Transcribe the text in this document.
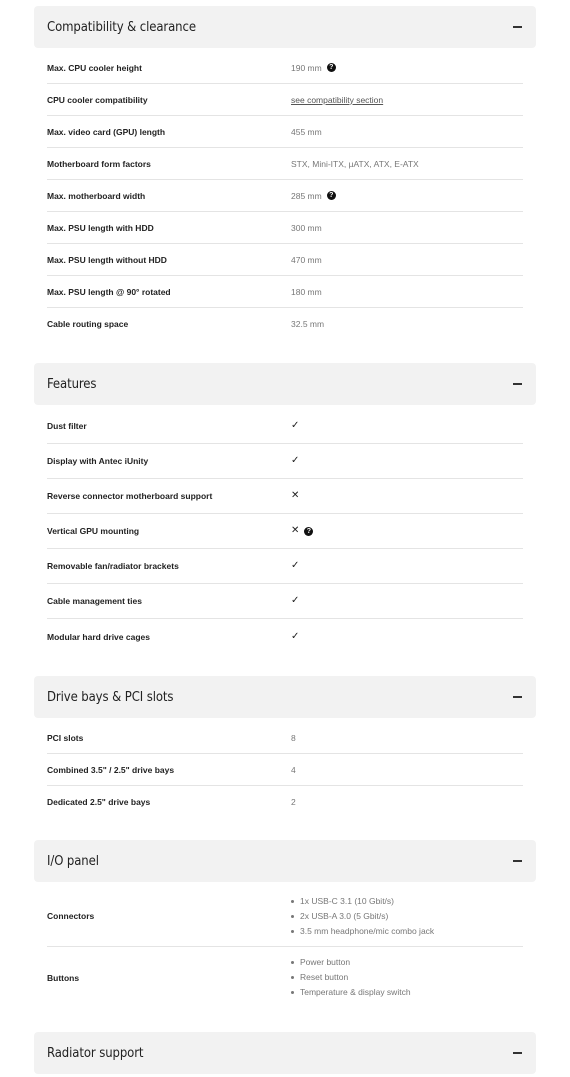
Compatibility & clearance
Max. CPU cooler height	190 mm	?
CPU cooler compatibility	see compatibility section
Max. video card (GPU) length	455 mm
Motherboard form factors	STX, Mini-ITX, µATX, ATX, E-ATX
Max. motherboard width	285 mm	?
Max. PSU length with HDD	300 mm
Max. PSU length without HDD	470 mm
Max. PSU length @ 90° rotated	180 mm
Cable routing space	32.5 mm
Features
Dust filter	✓
Display with Antec iUnity	✓
Reverse connector motherboard support	✕
Vertical GPU mounting	✕	?
Removable fan/radiator brackets	✓
Cable management ties	✓
Modular hard drive cages	✓
Drive bays & PCI slots
PCI slots	8
Combined 3.5" / 2.5" drive bays	4
Dedicated 2.5" drive bays	2
I/O panel
Connectors
1x USB-C 3.1 (10 Gbit/s)
2x USB-A 3.0 (5 Gbit/s)
3.5 mm headphone/mic combo jack
Buttons
Power button
Reset button
Temperature & display switch
Radiator support
